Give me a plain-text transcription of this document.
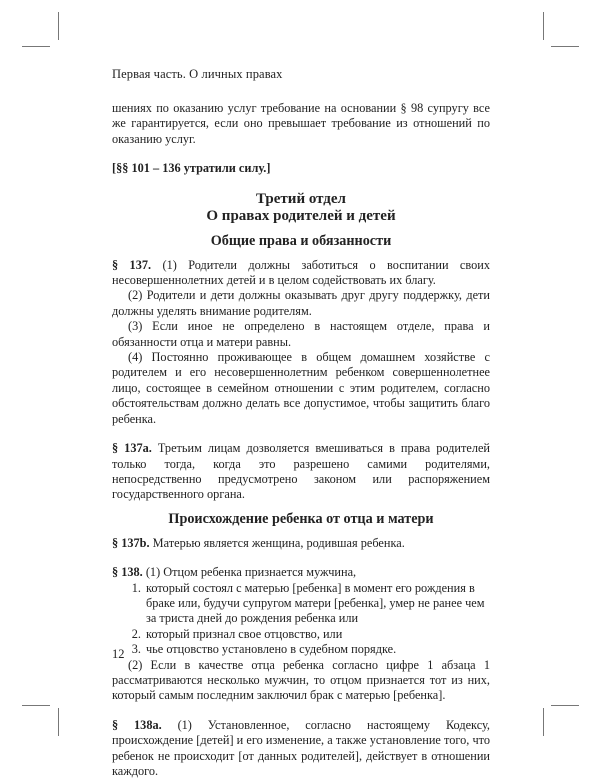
Первая часть. О личных правах

шениях по оказанию услуг требование на основании § 98 супругу все же гарантируется, если оно превышает требование из отношений по оказанию услуг.

[§§ 101 – 136 утратили силу.]

Третий отдел
О правах родителей и детей
Общие права и обязанности

§ 137. (1) Родители должны заботиться о воспитании своих несовершеннолетних детей и в целом содействовать их благу.

(2) Родители и дети должны оказывать друг другу поддержку, дети должны уделять внимание родителям.

(3) Если иное не определено в настоящем отделе, права и обязанности отца и матери равны.

(4) Постоянно проживающее в общем домашнем хозяйстве с родителем и его несовершеннолетним ребенком совершеннолетнее лицо, состоящее в семейном отношении с этим родителем, согласно обстоятельствам должно делать все допустимое, чтобы защитить благо ребенка.

§ 137a. Третьим лицам дозволяется вмешиваться в права родителей только тогда, когда это разрешено самими родителями, непосредственно предусмотрено законом или распоряжением государственного органа.

Происхождение ребенка от отца и матери

§ 137b. Матерью является женщина, родившая ребенка.

§ 138. (1) Отцом ребенка признается мужчина,

1. который состоял с матерью [ребенка] в момент его рождения в браке или, будучи супругом матери [ребенка], умер не ранее чем за триста дней до рождения ребенка или
2. который признал свое отцовство, или
3. чье отцовство установлено в судебном порядке.

(2) Если в качестве отца ребенка согласно цифре 1 абзаца 1 рассматриваются несколько мужчин, то отцом признается тот из них, который самым последним заключил брак с матерью [ребенка].

§ 138a. (1) Установленное, согласно настоящему Кодексу, происхождение [детей] и его изменение, а также установление того, что ребенок не происходит [от данных родителей], действует в отношении каждого.

12
